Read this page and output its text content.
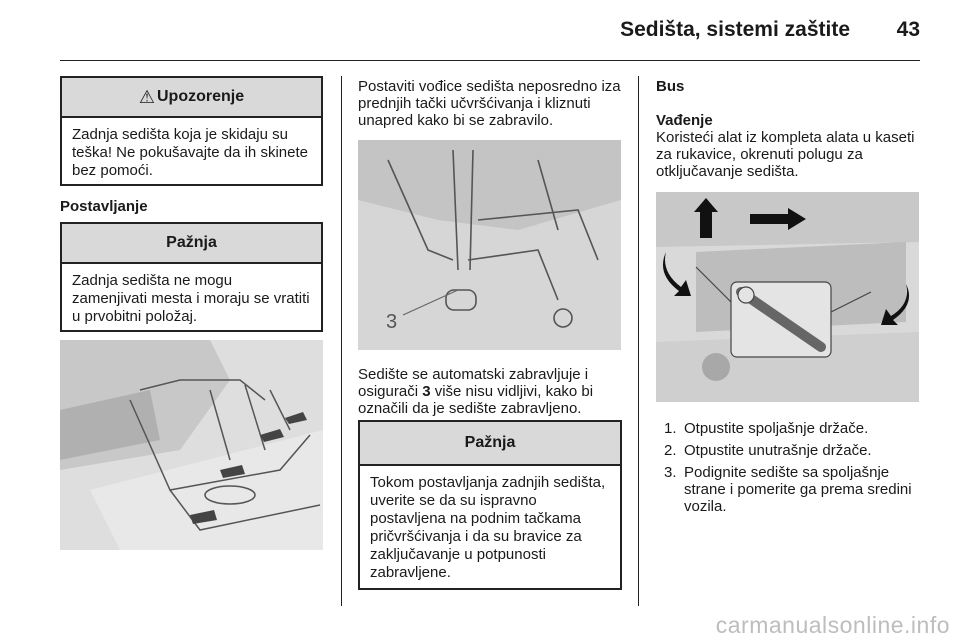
Sedišta, sistemi zaštite	43
⚠ Upozorenje
Zadnja sedišta koja je skidaju su teška! Ne pokušavajte da ih skinete bez pomoći.
Postavljanje
Pažnja
Zadnja sedišta ne mogu zamenjivati mesta i moraju se vratiti u prvobitni položaj.
Postaviti vođice sedišta neposredno iza prednjih tački učvršćivanja i kliznuti unapred kako bi se zabravilo.
3
Sedište se automatski zabravljuje i osigurači 3 više nisu vidljivi, kako bi označili da je sedište zabravljeno.
Pažnja
Tokom postavljanja zadnjih sedišta, uverite se da su ispravno postavljena na podnim tačkama pričvršćivanja i da su bravice za zaključavanje u potpunosti zabravljene.
Bus
Vađenje
Koristeći alat iz kompleta alata u kaseti za rukavice, okrenuti polugu za otključavanje sedišta.
1. Otpustite spoljašnje držače.
2. Otpustite unutrašnje držače.
3. Podignite sedište sa spoljašnje strane i pomerite ga prema sredini vozila.
carmanualsonline.info
